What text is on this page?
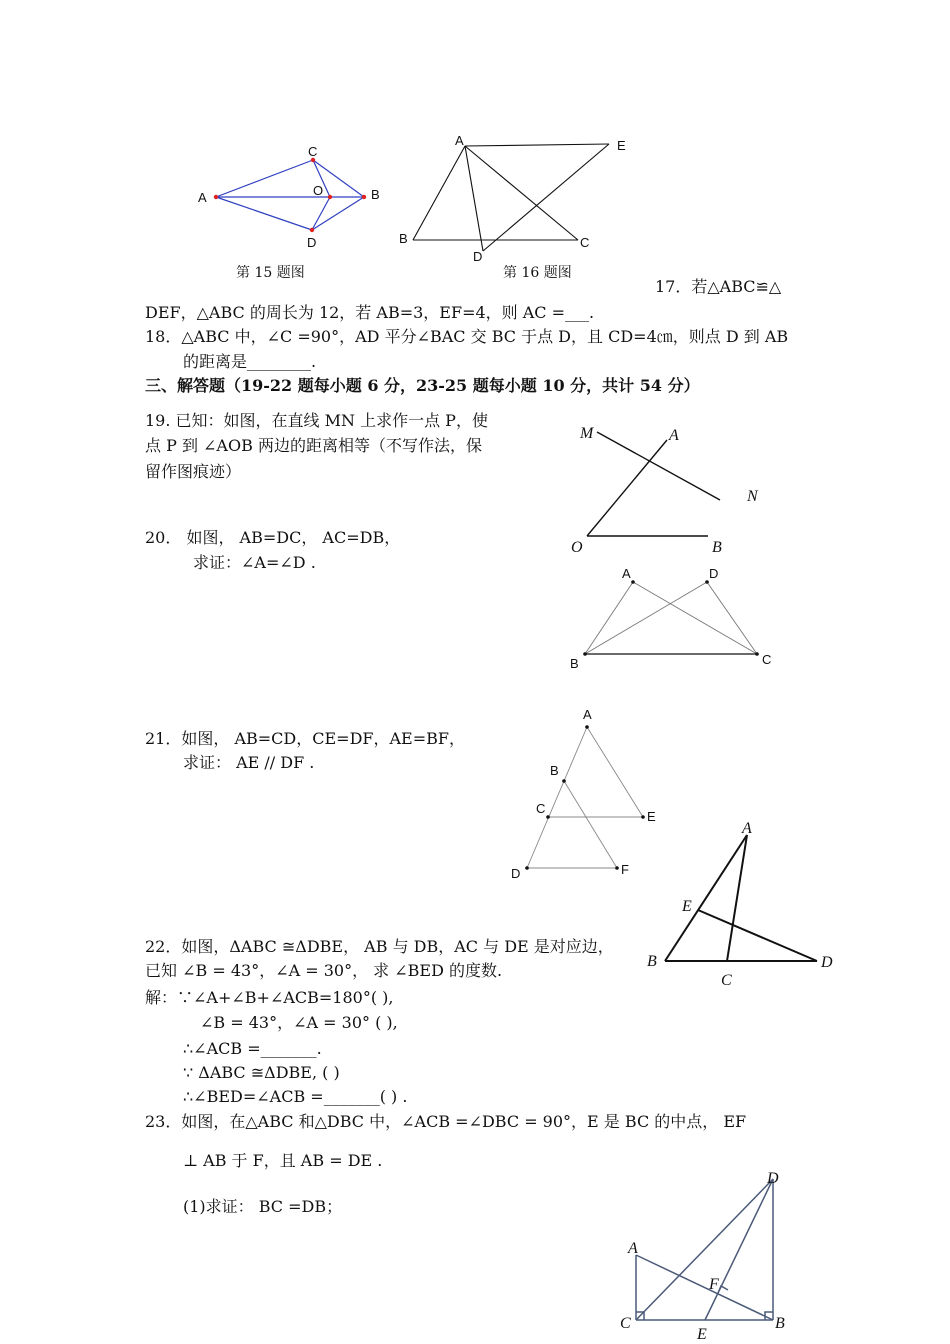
A
C
O	B
D
第 15 题图
A	E
B	C
D
第 16 题图
17．若△ABC≌△
DEF，△ABC 的周长为 12，若 AB=3，EF=4，则 AC =___.
18．△ABC 中，∠C =90°，AD 平分∠BAC 交 BC 于点 D，且 CD=4㎝，则点 D 到 AB
的距离是________.
三、解答题（19-22 题每小题 6 分，23-25 题每小题 10 分，共计 54 分）
19. 已知：如图，在直线 MN 上求作一点 P，使
点 P 到 ∠AOB 两边的距离相等（不写作法，保
留作图痕迹）
M	A
N
O	B
20． 如图， AB=DC， AC=DB，
求证：∠A=∠D .
A	D
B	C
21．如图， AB=CD，CE=DF，AE=BF，
求证： AE // DF .
A
B
C
E
D	F
A
E
B
C
D
22．如图，ΔABC ≅ΔDBE， AB 与 DB，AC 与 DE 是对应边，
已知 ∠B = 43°，∠A = 30°， 求 ∠BED 的度数.
解：∵∠A+∠B+∠ACB=180°( ),
∠B = 43°，∠A = 30° ( ),
∴∠ACB =_______.
∵ ΔABC ≅ΔDBE, ( )
∴∠BED=∠ACB =_______( ) .
23．如图，在△ABC 和△DBC 中，∠ACB =∠DBC = 90°，E 是 BC 的中点， EF
⊥ AB 于 F，且 AB = DE .
(1)求证： BC =DB；
D
A
F
C	B
E
